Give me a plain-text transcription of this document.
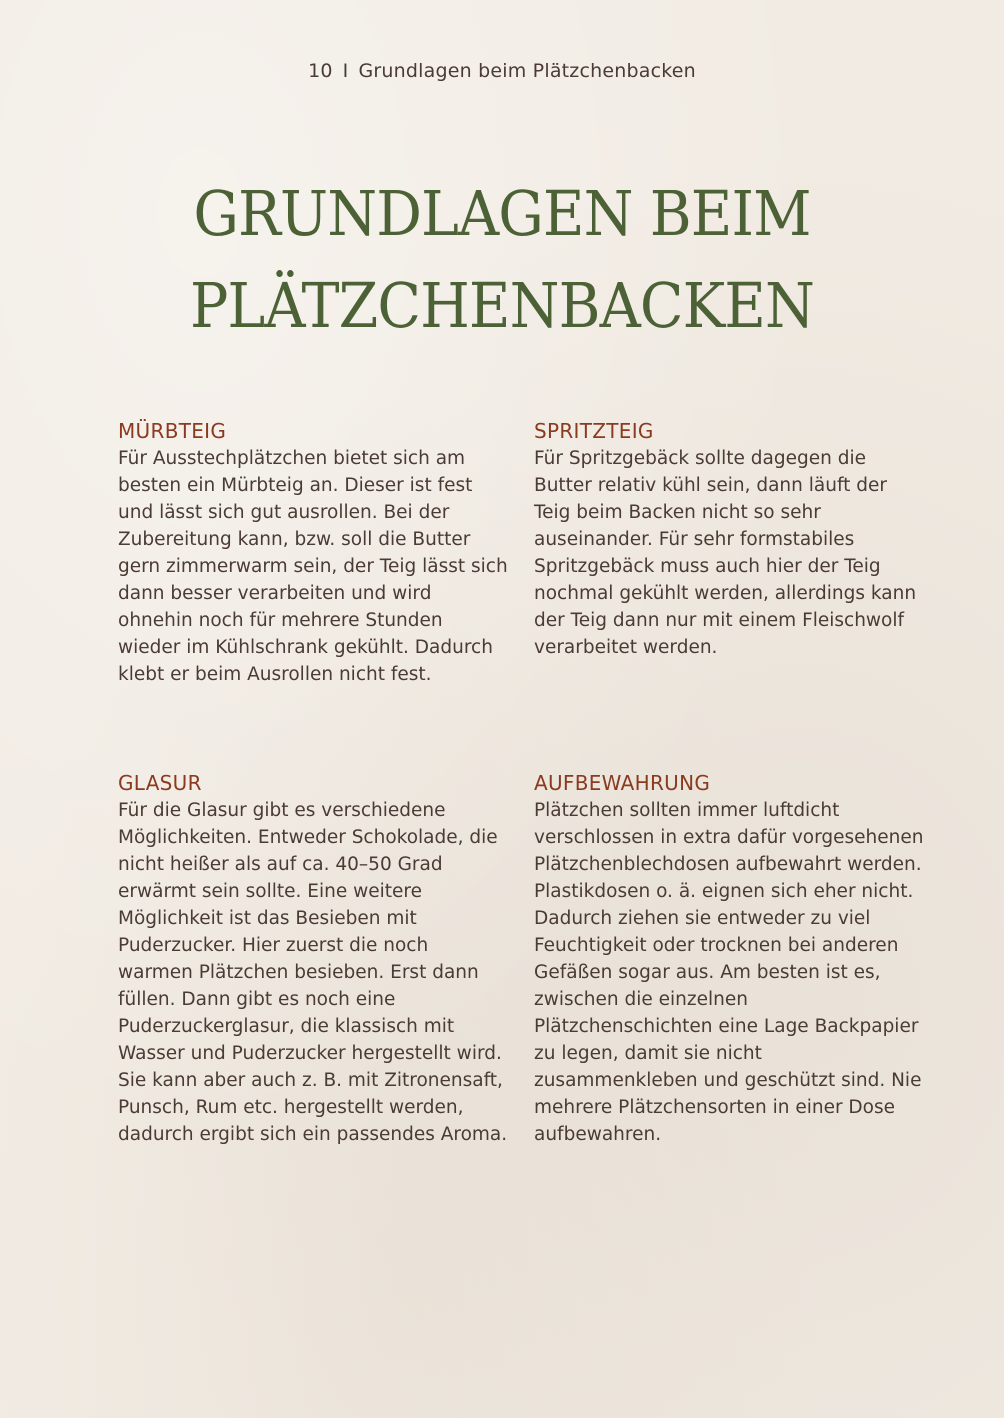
10 I Grundlagen beim Plätzchenbacken
GRUNDLAGEN BEIM
PLÄTZCHENBACKEN
MÜRBTEIG

Für Ausstechplätzchen bietet sich am besten ein Mürbteig an. Dieser ist fest und lässt sich gut ausrollen. Bei der Zubereitung kann, bzw. soll die Butter gern zimmerwarm sein, der Teig lässt sich dann besser verarbeiten und wird ohnehin noch für mehrere Stunden wieder im Kühlschrank gekühlt. Dadurch klebt er beim Ausrollen nicht fest.

SPRITZTEIG

Für Spritzgebäck sollte dagegen die Butter relativ kühl sein, dann läuft der Teig beim Backen nicht so sehr auseinander. Für sehr formstabiles Spritzgebäck muss auch hier der Teig nochmal gekühlt werden, allerdings kann der Teig dann nur mit einem Fleischwolf verarbeitet werden.

GLASUR

Für die Glasur gibt es verschiedene Möglichkeiten. Entweder Schokolade, die nicht heißer als auf ca. 40–50 Grad erwärmt sein sollte. Eine weitere Möglichkeit ist das Besieben mit Puderzucker. Hier zuerst die noch warmen Plätzchen besieben. Erst dann füllen. Dann gibt es noch eine Puderzuckerglasur, die klassisch mit Wasser und Puderzucker hergestellt wird. Sie kann aber auch z. B. mit Zitronensaft, Punsch, Rum etc. hergestellt werden, dadurch ergibt sich ein passendes Aroma.

AUFBEWAHRUNG

Plätzchen sollten immer luftdicht verschlossen in extra dafür vorgesehenen Plätzchenblechdosen aufbewahrt werden. Plastikdosen o. ä. eignen sich eher nicht. Dadurch ziehen sie entweder zu viel Feuchtigkeit oder trocknen bei anderen Gefäßen sogar aus. Am besten ist es, zwischen die einzelnen Plätzchenschichten eine Lage Backpapier zu legen, damit sie nicht zusammenkleben und geschützt sind. Nie mehrere Plätzchensorten in einer Dose aufbewahren.
